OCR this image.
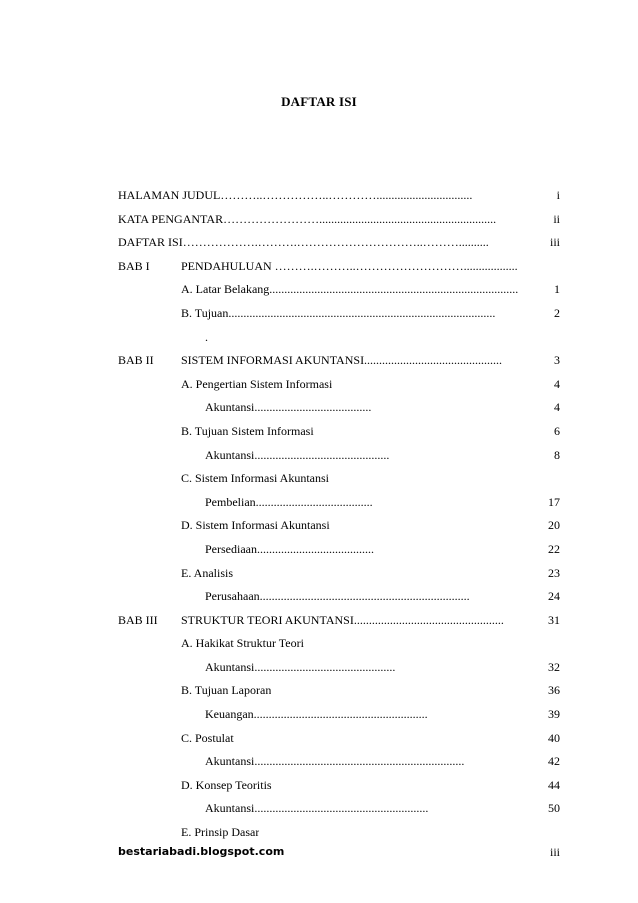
DAFTAR ISI
HALAMAN JUDUL………..……………..…………................................	i
KATA PENGANTAR……………………...........................................................	ii
DAFTAR ISI……………….……….…………………………..………..........	iii
BAB I	PENDAHULUAN ……….………..………………………..................
A. Latar Belakang...................................................................................	1
B. Tujuan.........................................................................................	2
.
BAB II SISTEM INFORMASI AKUNTANSI..............................................	3
A. Pengertian Sistem Informasi	4
Akuntansi.......................................	4
B. Tujuan Sistem Informasi	6
Akuntansi.............................................	8
C. Sistem Informasi Akuntansi
Pembelian.......................................	17
D. Sistem Informasi Akuntansi	20
Persediaan.......................................	22
E. Analisis	23
Perusahaan......................................................................	24
BAB III STRUKTUR TEORI AKUNTANSI..................................................	31
A. Hakikat Struktur Teori
Akuntansi...............................................	32
B. Tujuan Laporan	36
Keuangan..........................................................	39
C. Postulat	40
Akuntansi......................................................................	42
D. Konsep Teoritis	44
Akuntansi..........................................................	50
E. Prinsip Dasar
bestariabadi.blogspot.com	iii
